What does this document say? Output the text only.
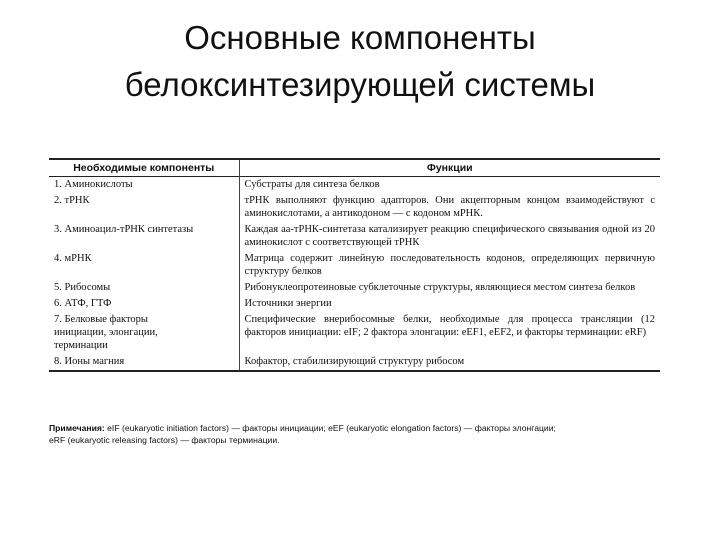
Основные компоненты
белоксинтезирующей системы
Необходимые компоненты	Функции
1. Аминокислоты	Субстраты для синтеза белков
2. тРНК	тРНК выполняют функцию адапторов. Они акцепторным концом взаимодействуют с аминокислотами, а антикодоном — с кодоном мРНК.
3. Аминоацил-тРНК синтетазы	Каждая аа-тРНК-синтетаза катализирует реакцию специфического связывания одной из 20 аминокислот с соответствующей тРНК
4. мРНК	Матрица содержит линейную последовательность кодонов, определяющих первичную структуру белков
5. Рибосомы	Рибонуклеопротеиновые субклеточные структуры, являющиеся местом синтеза белков
6. АТФ, ГТФ	Источники энергии

7. Белковые факторы
инициации, элонгации,
терминации	Специфические внерибосомные белки, необходимые для процесса трансляции (12 факторов инициации: eIF; 2 фактора элонгации: eEF1, eEF2, и факторы терминации: eRF)
8. Ионы магния	Кофактор, стабилизирующий структуру рибосом
Примечания: eIF (eukaryotic initiation factors) — факторы инициации; eEF (eukaryotic elongation factors) — факторы элонгации;
eRF (eukaryotic releasing factors) — факторы терминации.
